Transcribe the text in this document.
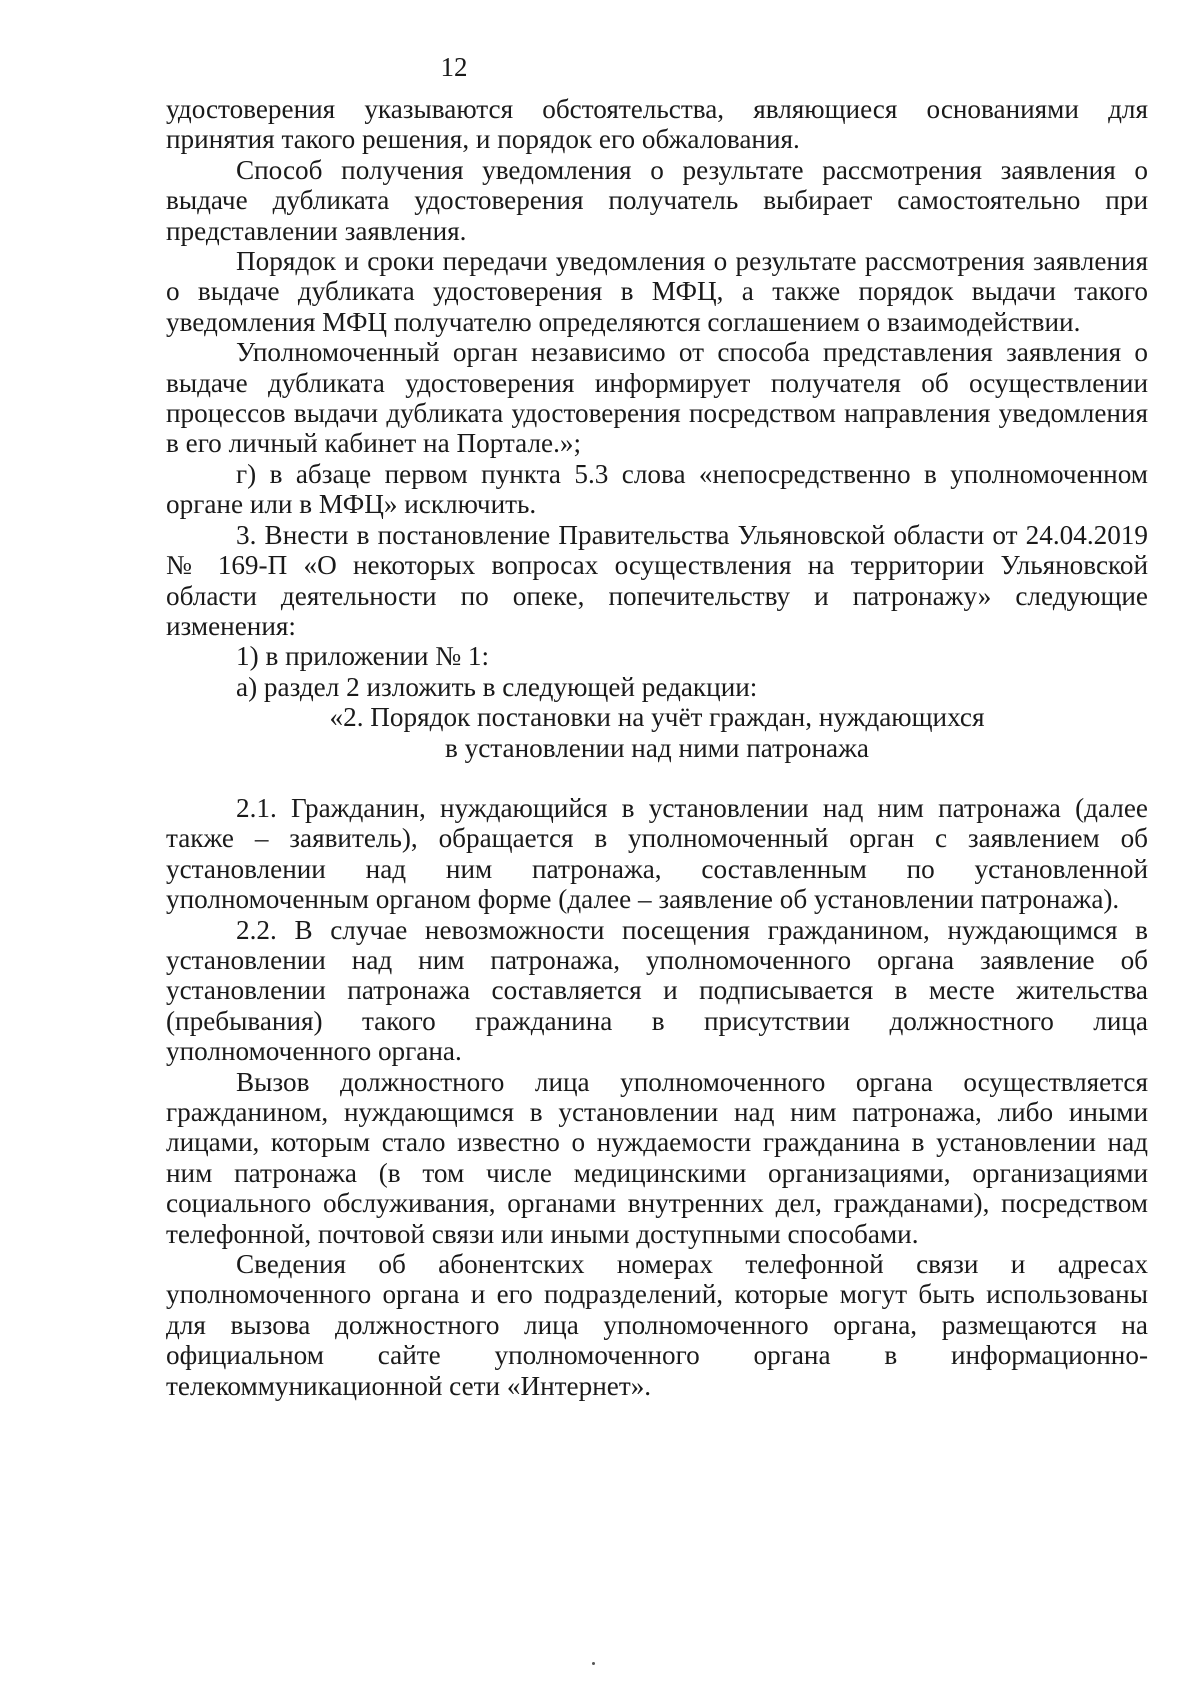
12

удостоверения указываются обстоятельства, являющиеся основаниями для принятия такого решения, и порядок его обжалования.

Способ получения уведомления о результате рассмотрения заявления о выдаче дубликата удостоверения получатель выбирает самостоятельно при представлении заявления.

Порядок и сроки передачи уведомления о результате рассмотрения заявления о выдаче дубликата удостоверения в МФЦ, а также порядок выдачи такого уведомления МФЦ получателю определяются соглашением о взаимодействии.

Уполномоченный орган независимо от способа представления заявления о выдаче дубликата удостоверения информирует получателя об осуществлении процессов выдачи дубликата удостоверения посредством направления уведомления в его личный кабинет на Портале.»;

г) в абзаце первом пункта 5.3 слова «непосредственно в уполномоченном органе или в МФЦ» исключить.

3. Внести в постановление Правительства Ульяновской области от 24.04.2019 № 169-П «О некоторых вопросах осуществления на территории Ульяновской области деятельности по опеке, попечительству и патронажу» следующие изменения:

1) в приложении № 1:

а) раздел 2 изложить в следующей редакции:

«2. Порядок постановки на учёт граждан, нуждающихся

в установлении над ними патронажа

2.1. Гражданин, нуждающийся в установлении над ним патронажа (далее также – заявитель), обращается в уполномоченный орган с заявлением об установлении над ним патронажа, составленным по установленной уполномоченным органом форме (далее – заявление об установлении патронажа).

2.2. В случае невозможности посещения гражданином, нуждающимся в установлении над ним патронажа, уполномоченного органа заявление об установлении патронажа составляется и подписывается в месте жительства (пребывания) такого гражданина в присутствии должностного лица уполномоченного органа.

Вызов должностного лица уполномоченного органа осуществляется гражданином, нуждающимся в установлении над ним патронажа, либо иными лицами, которым стало известно о нуждаемости гражданина в установлении над ним патронажа (в том числе медицинскими организациями, организациями социального обслуживания, органами внутренних дел, гражданами), посредством телефонной, почтовой связи или иными доступными способами.

Сведения об абонентских номерах телефонной связи и адресах уполномоченного органа и его подразделений, которые могут быть использованы для вызова должностного лица уполномоченного органа, размещаются на официальном сайте уполномоченного органа в информационно-телекоммуникационной сети «Интернет».
